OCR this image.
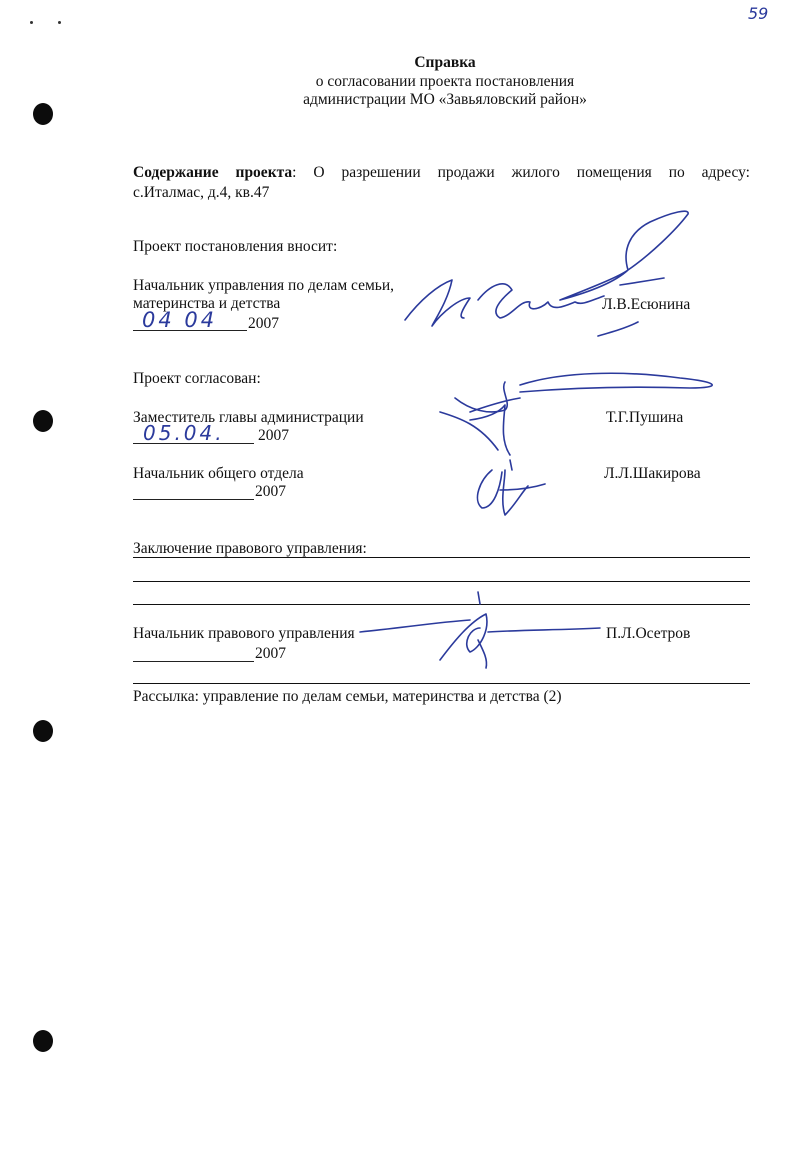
59
Справка
о согласовании проекта постановления
администрации МО «Завьяловский район»
Содержание проекта: О разрешении продажи жилого помещения по адресу:
с.Италмас, д.4, кв.47
Проект постановления вносит:
Начальник управления по делам семьи,
материнства и детства
04 04 2007
Л.В.Есюнина
Проект согласован:
Заместитель главы администрации
05.04. 2007
Т.Г.Пушина
Начальник общего отдела
2007
Л.Л.Шакирова
Заключение правового управления:
Начальник правового управления
2007
П.Л.Осетров
Рассылка: управление по делам семьи, материнства и детства (2)
